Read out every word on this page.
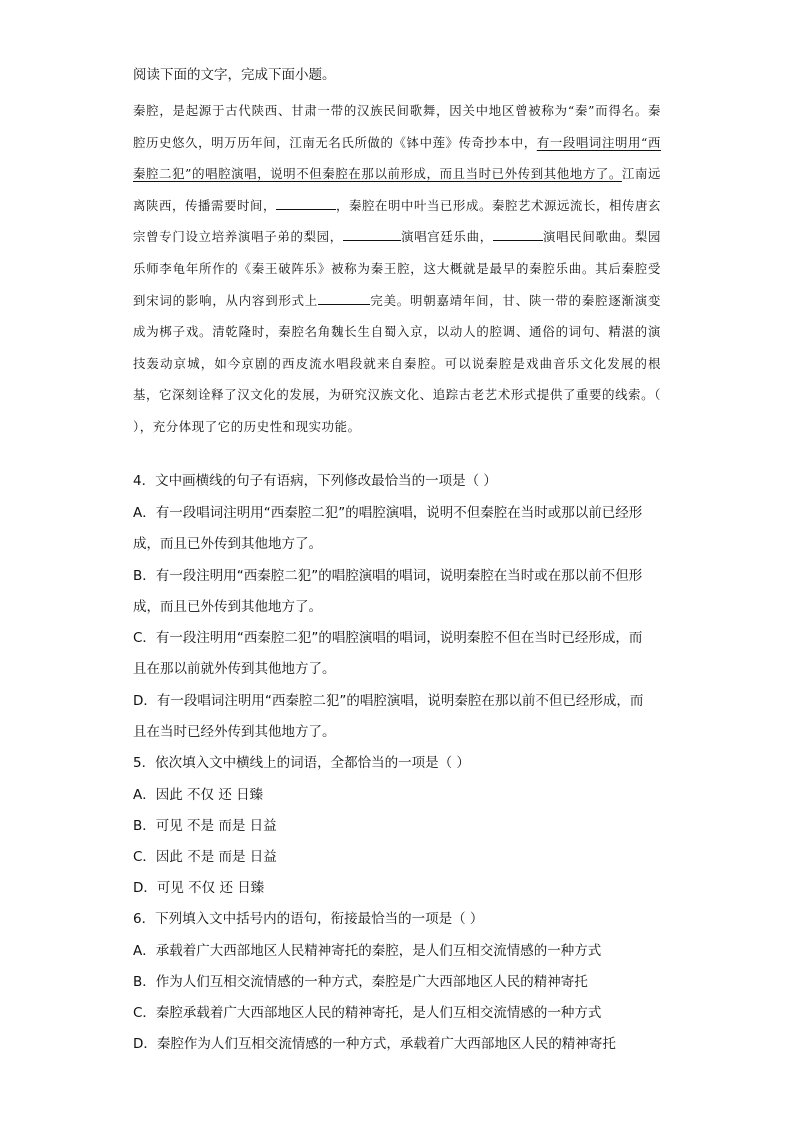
阅读下面的文字，完成下面小题。
秦腔，是起源于古代陕西、甘肃一带的汉族民间歌舞，因关中地区曾被称为“秦”而得名。秦腔历史悠久，明万历年间，江南无名氏所做的《钵中莲》传奇抄本中，有一段唱词注明用“西秦腔二犯”的唱腔演唱，说明不但秦腔在那以前形成，而且当时已外传到其他地方了。江南远离陕西，传播需要时间，	，秦腔在明中叶当已形成。秦腔艺术源远流长，相传唐玄宗曾专门设立培养演唱子弟的梨园，	演唱宫廷乐曲，	演唱民间歌曲。梨园乐师李龟年所作的《秦王破阵乐》被称为秦王腔，这大概就是最早的秦腔乐曲。其后秦腔受到宋词的影响，从内容到形式上	完美。明朝嘉靖年间，甘、陕一带的秦腔逐渐演变成为梆子戏。清乾隆时，秦腔名角魏长生自蜀入京，以动人的腔调、通俗的词句、精湛的演技轰动京城，如今京剧的西皮流水唱段就来自秦腔。可以说秦腔是戏曲音乐文化发展的根基，它深刻诠释了汉文化的发展，为研究汉族文化、追踪古老艺术形式提供了重要的线索。（ ），充分体现了它的历史性和现实功能。
4．文中画横线的句子有语病，下列修改最恰当的一项是（ ）
A．有一段唱词注明用“西秦腔二犯”的唱腔演唱，说明不但秦腔在当时或那以前已经形
成，而且已外传到其他地方了。
B．有一段注明用“西秦腔二犯”的唱腔演唱的唱词，说明秦腔在当时或在那以前不但形
成，而且已外传到其他地方了。
C．有一段注明用“西秦腔二犯”的唱腔演唱的唱词，说明秦腔不但在当时已经形成，而
且在那以前就外传到其他地方了。
D．有一段唱词注明用“西秦腔二犯”的唱腔演唱，说明秦腔在那以前不但已经形成，而
且在当时已经外传到其他地方了。
5．依次填入文中横线上的词语，全都恰当的一项是（ ）
A．因此 不仅 还 日臻
B．可见 不是 而是 日益
C．因此 不是 而是 日益
D．可见 不仅 还 日臻
6．下列填入文中括号内的语句，衔接最恰当的一项是（ ）
A．承载着广大西部地区人民精神寄托的秦腔，是人们互相交流情感的一种方式
B．作为人们互相交流情感的一种方式，秦腔是广大西部地区人民的精神寄托
C．秦腔承载着广大西部地区人民的精神寄托，是人们互相交流情感的一种方式
D．秦腔作为人们互相交流情感的一种方式，承载着广大西部地区人民的精神寄托
